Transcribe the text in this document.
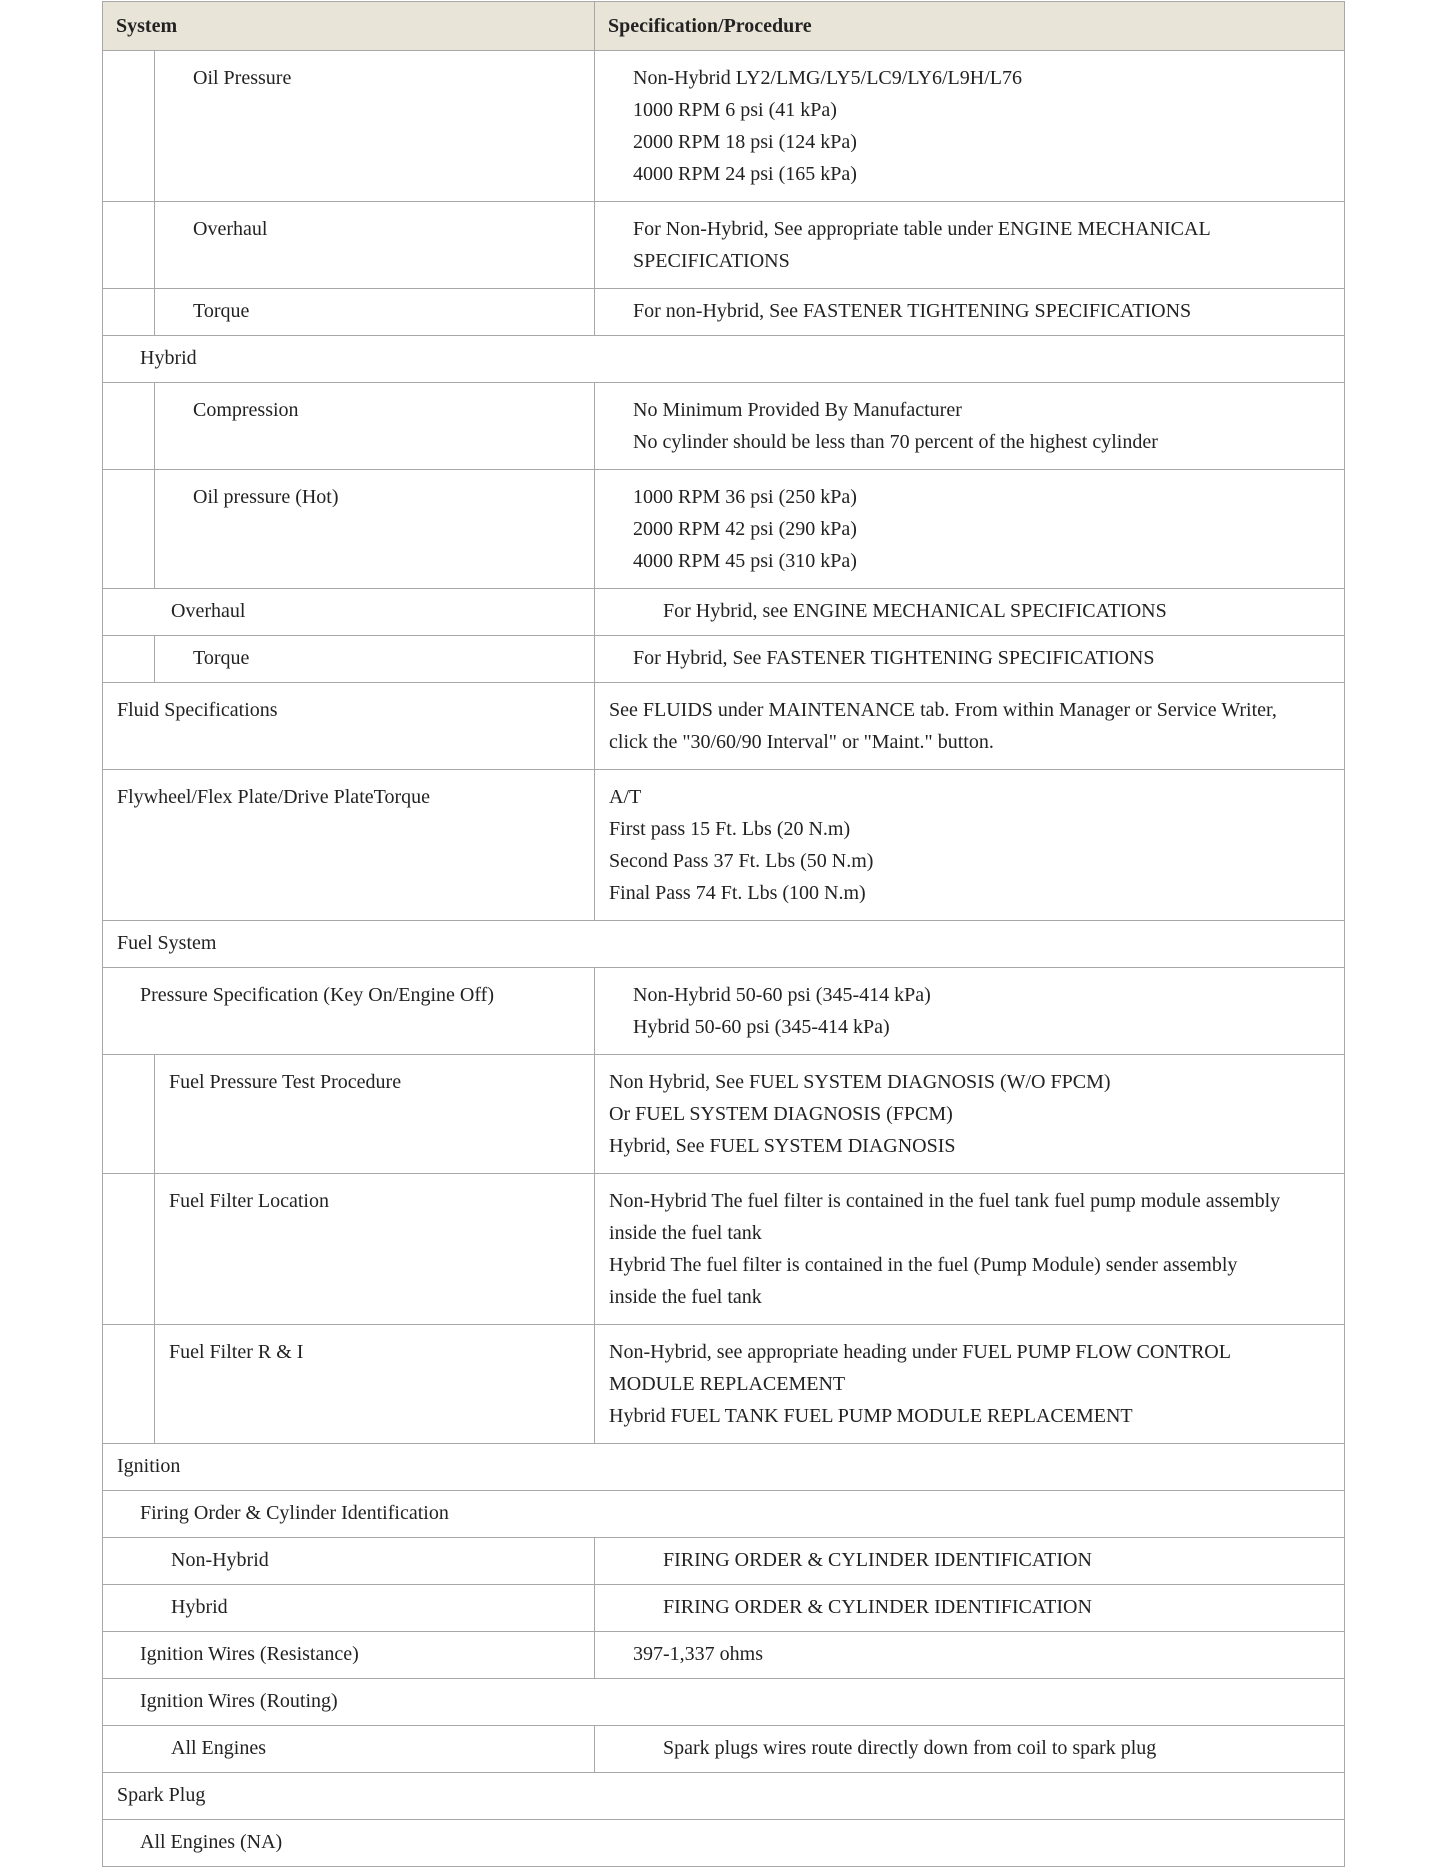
System		Specification/Procedure

	Oil Pressure	Non-Hybrid LY2/LMG/LY5/LC9/LY6/L9H/L76
1000 RPM 6 psi (41 kPa)
2000 RPM 18 psi (124 kPa)
4000 RPM 24 psi (165 kPa)

	Overhaul	For Non-Hybrid, See appropriate table under ENGINE MECHANICAL
SPECIFICATIONS

	Torque	For non-Hybrid, See FASTENER TIGHTENING SPECIFICATIONS

Hybrid		

	Compression	No Minimum Provided By Manufacturer
No cylinder should be less than 70 percent of the highest cylinder

	Oil pressure (Hot)	1000 RPM 36 psi (250 kPa)
2000 RPM 42 psi (290 kPa)
4000 RPM 45 psi (310 kPa)

Overhaul		For Hybrid, see ENGINE MECHANICAL SPECIFICATIONS

	Torque	For Hybrid, See FASTENER TIGHTENING SPECIFICATIONS

Fluid Specifications		See FLUIDS under MAINTENANCE tab. From within Manager or Service Writer,
click the "30/60/90 Interval" or "Maint." button.

Flywheel/Flex Plate/Drive PlateTorque		A/T
First pass 15 Ft. Lbs (20 N.m)
Second Pass 37 Ft. Lbs (50 N.m)
Final Pass 74 Ft. Lbs (100 N.m)

Fuel System		

Pressure Specification (Key On/Engine Off)		Non-Hybrid 50-60 psi (345-414 kPa)
Hybrid 50-60 psi (345-414 kPa)

	Fuel Pressure Test Procedure	Non Hybrid, See FUEL SYSTEM DIAGNOSIS (W/O FPCM)
Or FUEL SYSTEM DIAGNOSIS (FPCM)
Hybrid, See FUEL SYSTEM DIAGNOSIS

	Fuel Filter Location	Non-Hybrid The fuel filter is contained in the fuel tank fuel pump module assembly
inside the fuel tank
Hybrid The fuel filter is contained in the fuel (Pump Module) sender assembly
inside the fuel tank

	Fuel Filter R & I	Non-Hybrid, see appropriate heading under FUEL PUMP FLOW CONTROL
MODULE REPLACEMENT
Hybrid FUEL TANK FUEL PUMP MODULE REPLACEMENT

Ignition		

Firing Order & Cylinder Identification		

Non-Hybrid		FIRING ORDER & CYLINDER IDENTIFICATION

Hybrid		FIRING ORDER & CYLINDER IDENTIFICATION

Ignition Wires (Resistance)		397-1,337 ohms

Ignition Wires (Routing)		

All Engines		Spark plugs wires route directly down from coil to spark plug

Spark Plug		

All Engines (NA)		
